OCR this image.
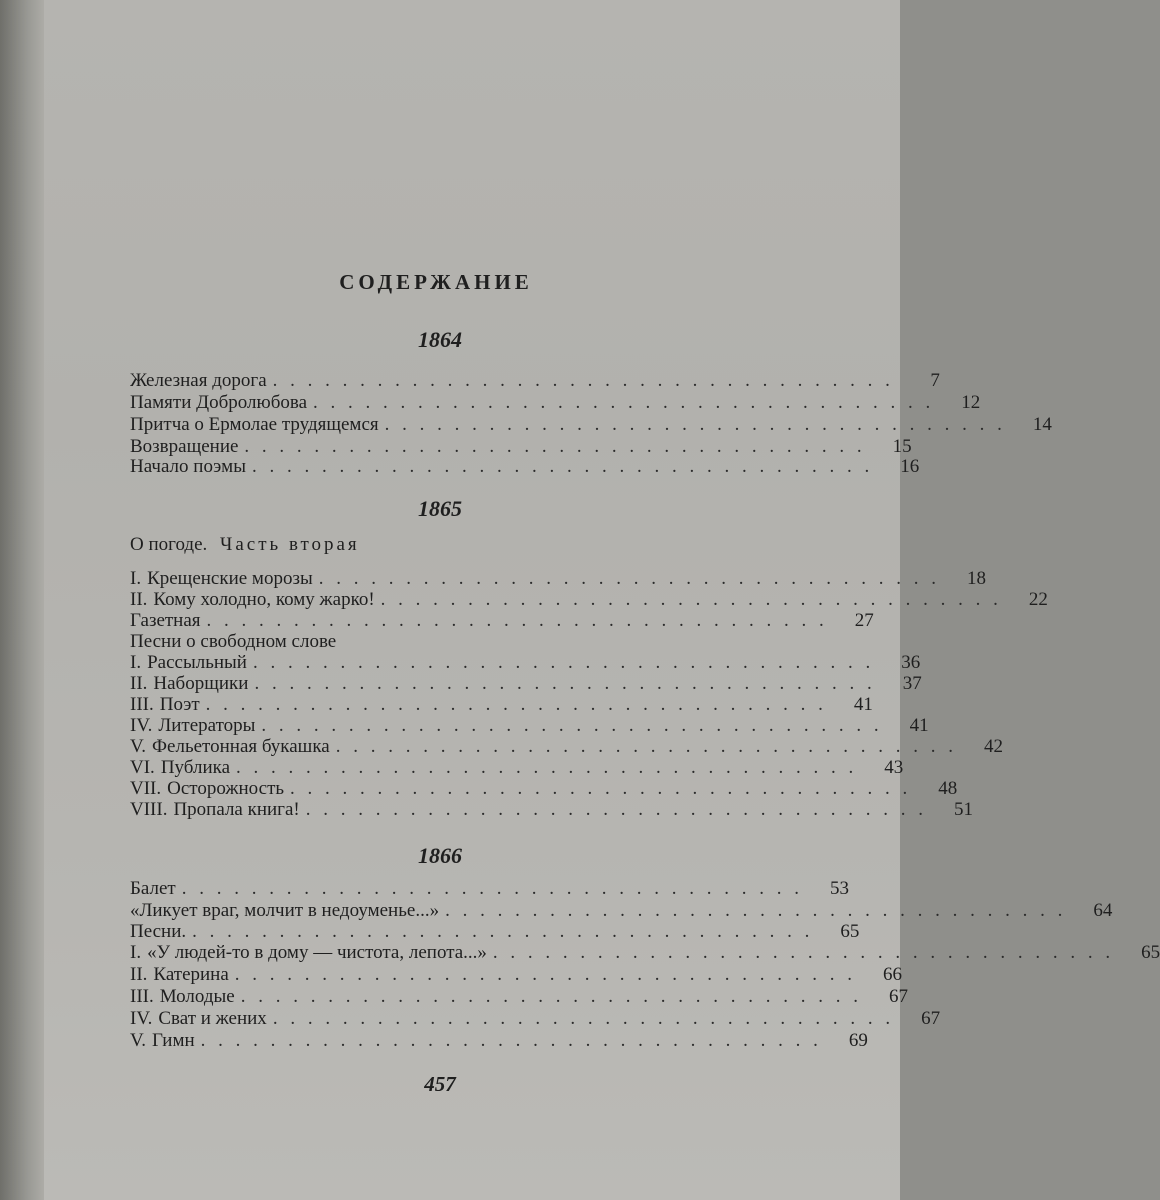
СОДЕРЖАНИЕ
1864
Железная дорога . . . . . . . . . . . . . . . . . . . . . . . . . . . . . . . . . . . .	7
Памяти Добролюбова . . . . . . . . . . . . . . . . . . . . . . . . . . . . . . . . . . . .	12
Притча о Ермолае трудящемся . . . . . . . . . . . . . . . . . . . . . . . . . . . . . . . . . . . .	14
Возвращение . . . . . . . . . . . . . . . . . . . . . . . . . . . . . . . . . . . .	15
Начало поэмы . . . . . . . . . . . . . . . . . . . . . . . . . . . . . . . . . . . .	16
1865
О погоде. Часть вторая
I. Крещенские морозы . . . . . . . . . . . . . . . . . . . . . . . . . . . . . . . . . . . .	18
II. Кому холодно, кому жарко! . . . . . . . . . . . . . . . . . . . . . . . . . . . . . . . . . . . .	22
Газетная . . . . . . . . . . . . . . . . . . . . . . . . . . . . . . . . . . . .	27
Песни о свободном слове
I. Рассыльный . . . . . . . . . . . . . . . . . . . . . . . . . . . . . . . . . . . .	36
II. Наборщики . . . . . . . . . . . . . . . . . . . . . . . . . . . . . . . . . . . .	37
III. Поэт . . . . . . . . . . . . . . . . . . . . . . . . . . . . . . . . . . . .	41
IV. Литераторы . . . . . . . . . . . . . . . . . . . . . . . . . . . . . . . . . . . .	41
V. Фельетонная букашка . . . . . . . . . . . . . . . . . . . . . . . . . . . . . . . . . . . .	42
VI. Публика . . . . . . . . . . . . . . . . . . . . . . . . . . . . . . . . . . . .	43
VII. Осторожность . . . . . . . . . . . . . . . . . . . . . . . . . . . . . . . . . . . .	48
VIII. Пропала книга! . . . . . . . . . . . . . . . . . . . . . . . . . . . . . . . . . . . .	51
1866
Балет . . . . . . . . . . . . . . . . . . . . . . . . . . . . . . . . . . . .	53
«Ликует враг, молчит в недоуменье...» . . . . . . . . . . . . . . . . . . . . . . . . . . . . . . . . . . . .	64
Песни. . . . . . . . . . . . . . . . . . . . . . . . . . . . . . . . . . . . .	65
I. «У людей-то в дому — чистота, лепота...» . . . . . . . . . . . . . . . . . . . . . . . . . . . . . . . . . . . .	65
II. Катерина . . . . . . . . . . . . . . . . . . . . . . . . . . . . . . . . . . . .	66
III. Молодые . . . . . . . . . . . . . . . . . . . . . . . . . . . . . . . . . . . .	67
IV. Сват и жених . . . . . . . . . . . . . . . . . . . . . . . . . . . . . . . . . . . .	67
V. Гимн . . . . . . . . . . . . . . . . . . . . . . . . . . . . . . . . . . . .	69
457
